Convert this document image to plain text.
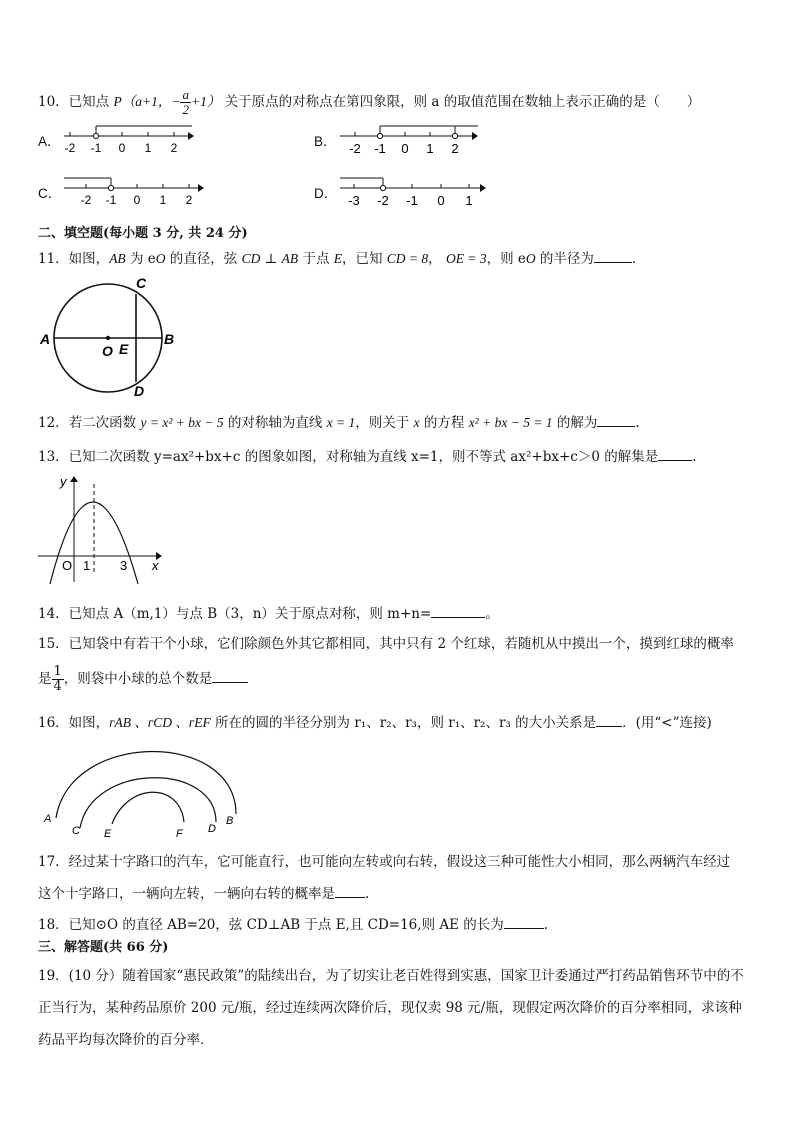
10．已知点 P（a+1，− $\frac{a}{2} +1$） 关于原点的对称点在第四象限，则 a 的取值范围在数轴上表示正确的是（　　）
A． -2 -1 0 1 2	B． -2 -1 0 1 2
C． -2 -1 0 1 2	D． -3 -2 -1 0 1
二、填空题(每小题 3 分, 共 24 分)
11．如图，AB 为 eO 的直径，弦 CD ⊥ AB 于点 E，已知 CD = 8， OE = 3，则 eO 的半径为	.
A	B
C
D
O E
12．若二次函数 y = x² + bx − 5 的对称轴为直线 x = 1，则关于 x 的方程 x² + bx − 5 = 1 的解为	.
13．已知二次函数 y=ax²+bx+c 的图象如图，对称轴为直线 x=1，则不等式 ax²+bx+c＞0 的解集是	.
y
x
O 1 3
14．已知点 A（m,1）与点 B（3，n）关于原点对称，则 m+n=	。
15．已知袋中有若干个小球，它们除颜色外其它都相同，其中只有 2 个红球，若随机从中摸出一个，摸到红球的概率
是 $\frac{1}{4}$ ，则袋中小球的总个数是
16．如图，ᴦAB 、ᴦCD 、ᴦEF 所在的圆的半径分别为 r₁、r₂、r₃，则 r₁、r₂、r₃ 的大小关系是 ．(用“<”连接)
A	B
C	D
E	F
17．经过某十字路口的汽车，它可能直行，也可能向左转或向右转，假设这三种可能性大小相同，那么两辆汽车经过
这个十字路口，一辆向左转，一辆向右转的概率是 .
18．已知⊙O 的直径 AB=20，弦 CD⊥AB 于点 E,且 CD=16,则 AE 的长为	.
三、解答题(共 66 分)
19．(10 分）随着国家“惠民政策”的陆续出台，为了切实让老百姓得到实惠，国家卫计委通过严打药品销售环节中的不
正当行为，某种药品原价 200 元/瓶，经过连续两次降价后，现仅卖 98 元/瓶，现假定两次降价的百分率相同，求该种
药品平均每次降价的百分率．
